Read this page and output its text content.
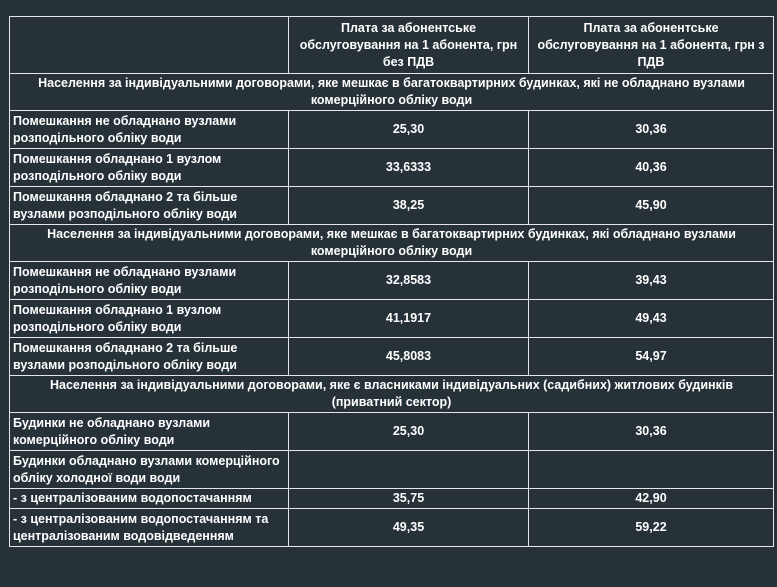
	Плата за абонентське обслуговування на 1 абонента, грн без ПДВ	Плата за абонентське обслуговування на 1 абонента, грн з ПДВ
Населення за індивідуальними договорами, яке мешкає в багатоквартирних будинках, які не обладнано вузлами комерційного обліку води		
Помешкання не обладнано вузлами розподільного обліку води	25,30	30,36
Помешкання обладнано 1 вузлом розподільного обліку води	33,6333	40,36
Помешкання обладнано 2 та більше вузлами розподільного обліку води	38,25	45,90
Населення за індивідуальними договорами, яке мешкає в багатоквартирних будинках, які обладнано вузлами комерційного обліку води		
Помешкання не обладнано вузлами розподільного обліку води	32,8583	39,43
Помешкання обладнано 1 вузлом розподільного обліку води	41,1917	49,43
Помешкання обладнано 2 та більше вузлами розподільного обліку води	45,8083	54,97
Населення за індивідуальними договорами, яке є власниками індивідуальних (садибних) житлових будинків (приватний сектор)		
Будинки не обладнано вузлами комерційного обліку води	25,30	30,36
Будинки обладнано вузлами комерційного обліку холодної води води		
- з централізованим водопостачанням	35,75	42,90
- з централізованим водопостачанням та централізованим водовідведенням	49,35	59,22
